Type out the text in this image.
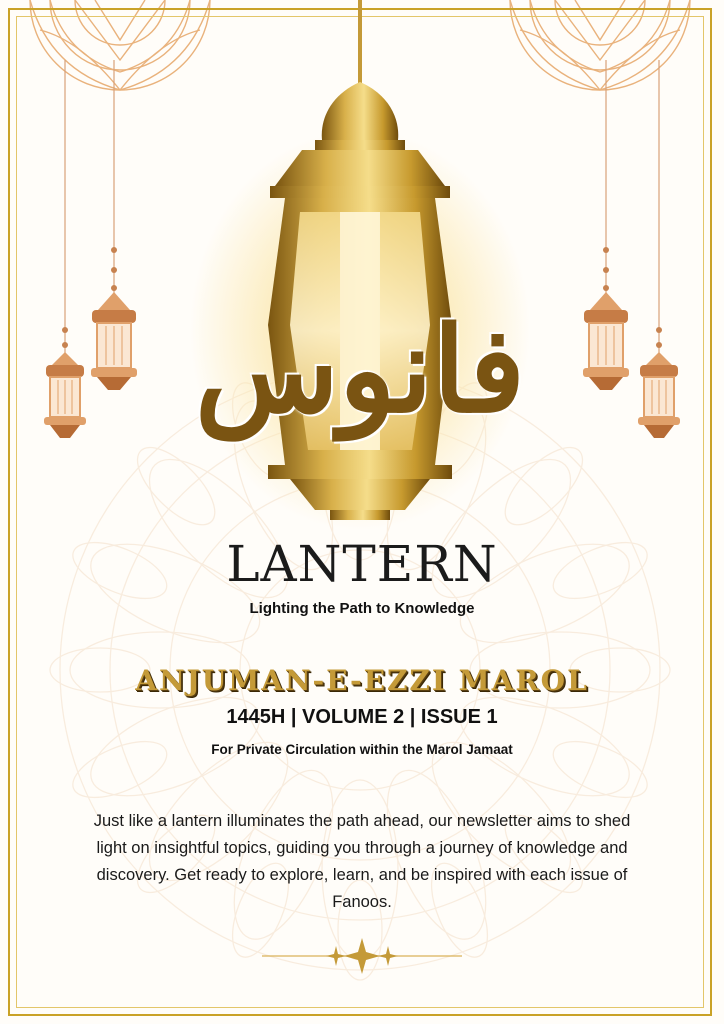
فانوس
LANTERN
Lighting the Path to Knowledge
ANJUMAN-E-EZZI MAROL
1445H | VOLUME 2 | ISSUE 1
For Private Circulation within the Marol Jamaat
Just like a lantern illuminates the path ahead, our newsletter aims to shed light on insightful topics, guiding you through a journey of knowledge and discovery. Get ready to explore, learn, and be inspired with each issue of Fanoos.
